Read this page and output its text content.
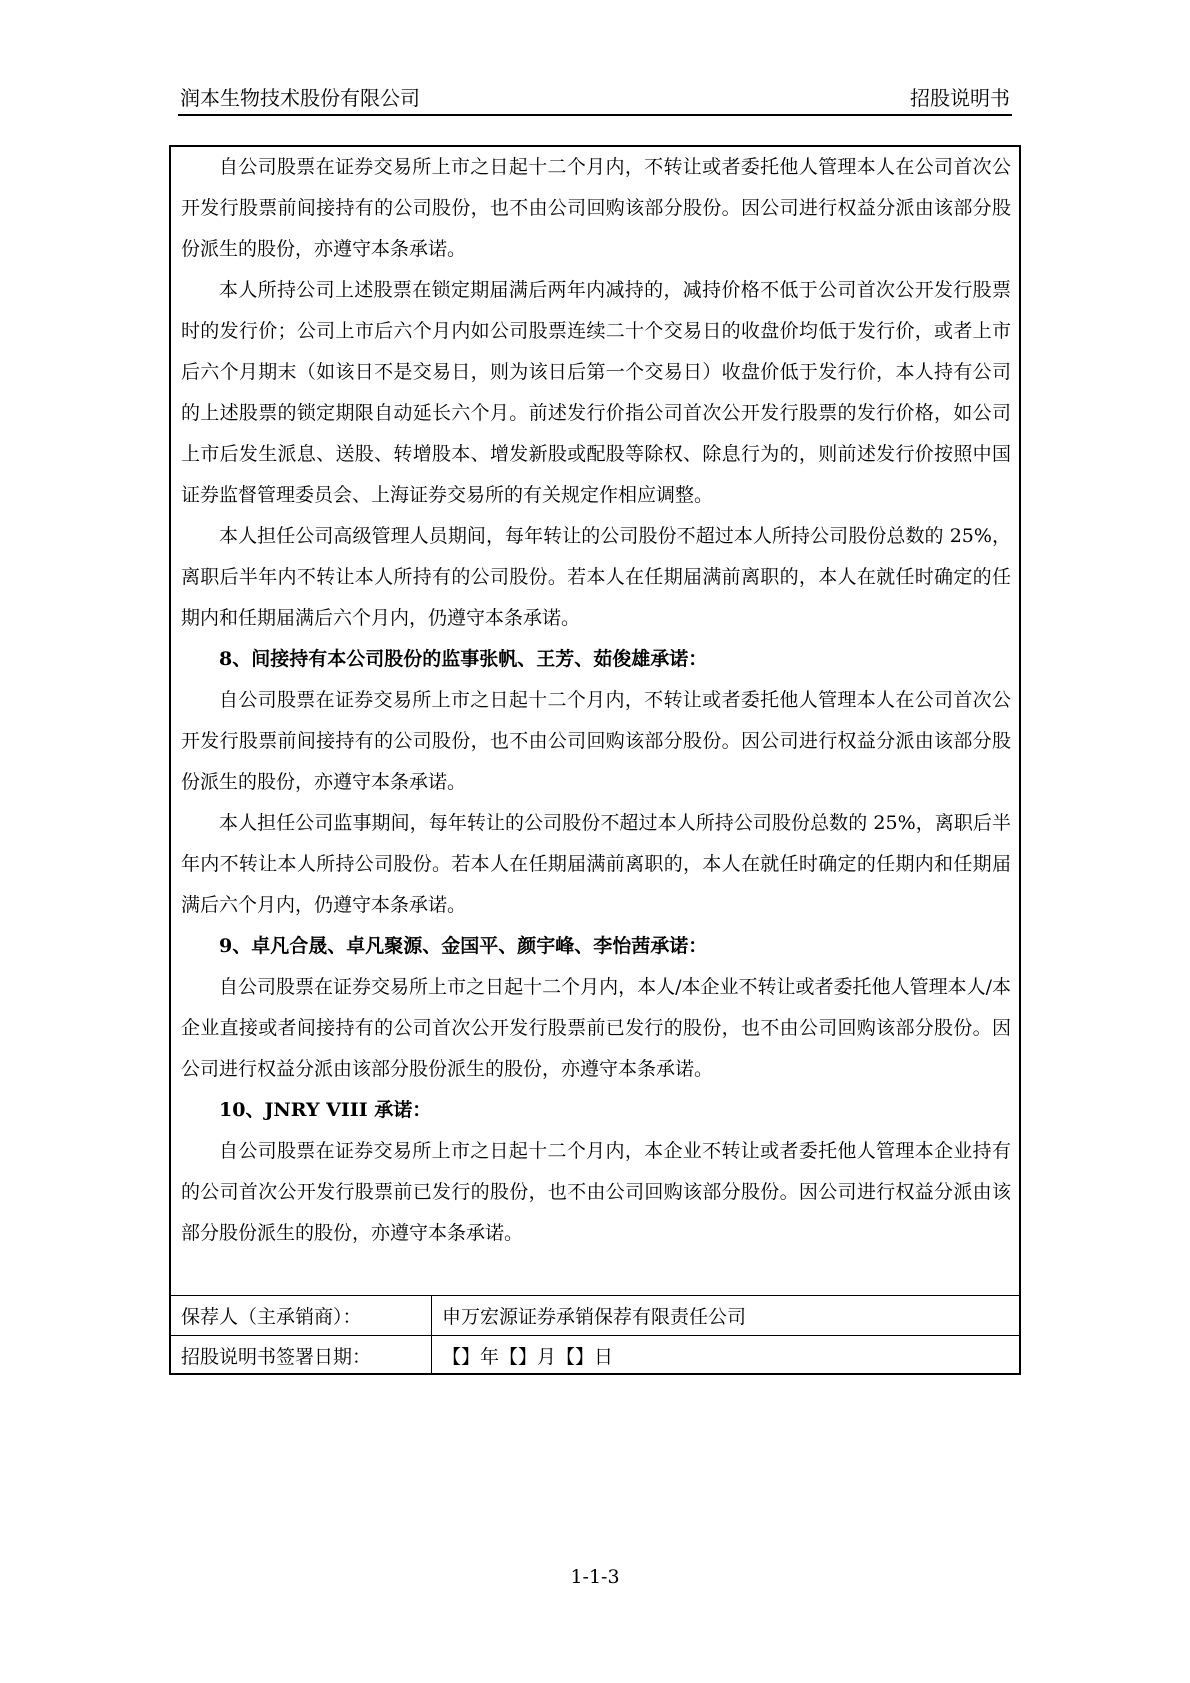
润本生物技术股份有限公司	招股说明书

自公司股票在证券交易所上市之日起十二个月内，不转让或者委托他人管理本人在公司首次公开发行股票前间接持有的公司股份，也不由公司回购该部分股份。因公司进行权益分派由该部分股份派生的股份，亦遵守本条承诺。

本人所持公司上述股票在锁定期届满后两年内减持的，减持价格不低于公司首次公开发行股票时的发行价；公司上市后六个月内如公司股票连续二十个交易日的收盘价均低于发行价，或者上市后六个月期末（如该日不是交易日，则为该日后第一个交易日）收盘价低于发行价，本人持有公司的上述股票的锁定期限自动延长六个月。前述发行价指公司首次公开发行股票的发行价格，如公司上市后发生派息、送股、转增股本、增发新股或配股等除权、除息行为的，则前述发行价按照中国证券监督管理委员会、上海证券交易所的有关规定作相应调整。

本人担任公司高级管理人员期间，每年转让的公司股份不超过本人所持公司股份总数的 25%，离职后半年内不转让本人所持有的公司股份。若本人在任期届满前离职的，本人在就任时确定的任期内和任期届满后六个月内，仍遵守本条承诺。

8、间接持有本公司股份的监事张帆、王芳、茹俊雄承诺：

自公司股票在证券交易所上市之日起十二个月内，不转让或者委托他人管理本人在公司首次公开发行股票前间接持有的公司股份，也不由公司回购该部分股份。因公司进行权益分派由该部分股份派生的股份，亦遵守本条承诺。

本人担任公司监事期间，每年转让的公司股份不超过本人所持公司股份总数的 25%，离职后半年内不转让本人所持公司股份。若本人在任期届满前离职的，本人在就任时确定的任期内和任期届满后六个月内，仍遵守本条承诺。

9、卓凡合晟、卓凡聚源、金国平、颜宇峰、李怡茜承诺：

自公司股票在证券交易所上市之日起十二个月内，本人/本企业不转让或者委托他人管理本人/本企业直接或者间接持有的公司首次公开发行股票前已发行的股份，也不由公司回购该部分股份。因公司进行权益分派由该部分股份派生的股份，亦遵守本条承诺。

10、JNRY VIII 承诺：

自公司股票在证券交易所上市之日起十二个月内，本企业不转让或者委托他人管理本企业持有的公司首次公开发行股票前已发行的股份，也不由公司回购该部分股份。因公司进行权益分派由该部分股份派生的股份，亦遵守本条承诺。

保荐人（主承销商）：	申万宏源证券承销保荐有限责任公司
招股说明书签署日期：	【】年【】月【】日
1-1-3
